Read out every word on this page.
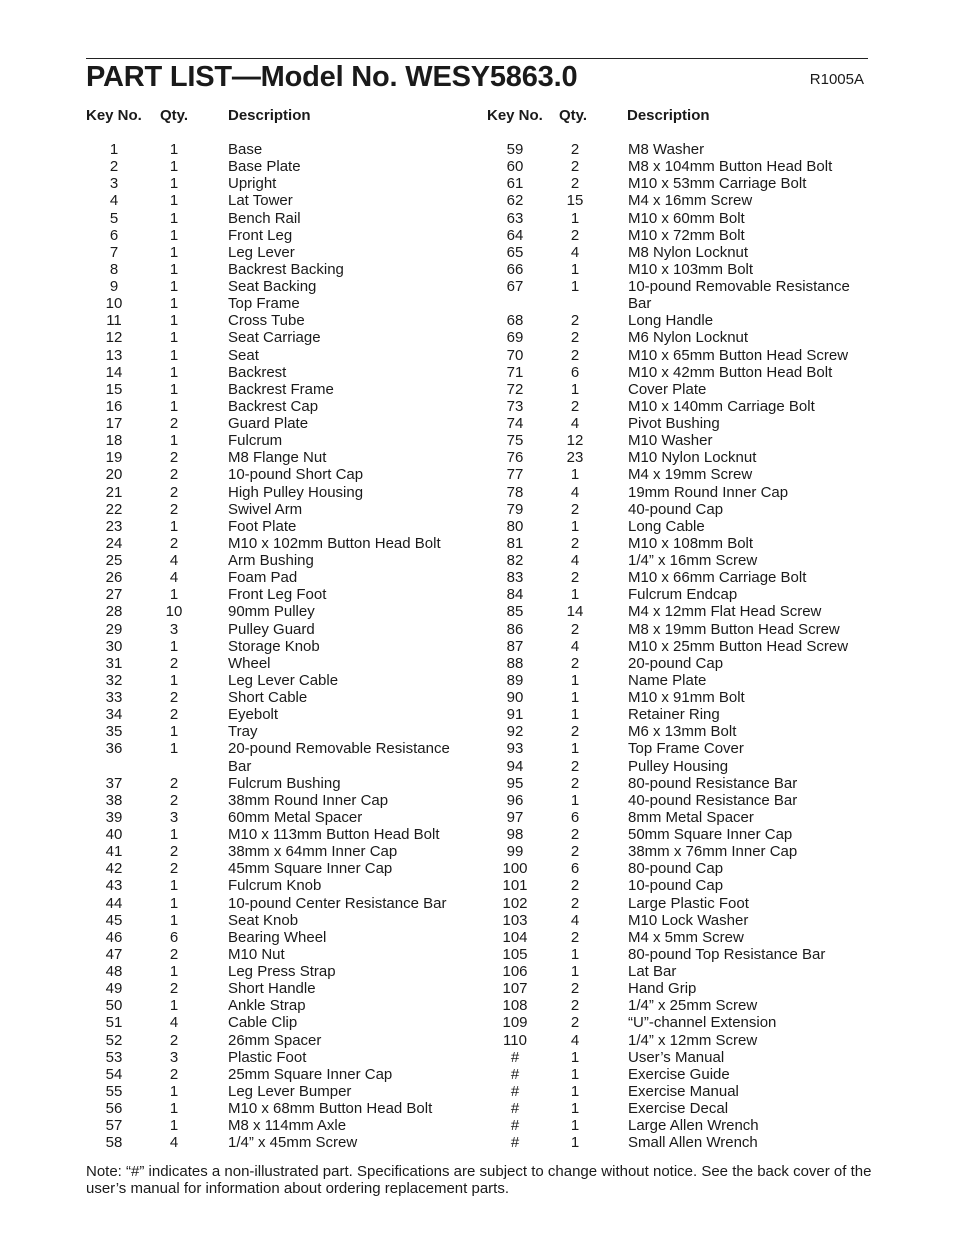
PART LIST—Model No. WESY5863.0	R1005A
Key No. Qty.	Description	Key No. Qty.	Description
1	1	Base
2	1	Base Plate
3	1	Upright
4	1	Lat Tower
5	1	Bench Rail
6	1	Front Leg
7	1	Leg Lever
8	1	Backrest Backing
9	1	Seat Backing
10	1	Top Frame
11	1	Cross Tube
12	1	Seat Carriage
13	1	Seat
14	1	Backrest
15	1	Backrest Frame
16	1	Backrest Cap
17	2	Guard Plate
18	1	Fulcrum
19	2	M8 Flange Nut
20	2	10-pound Short Cap
21	2	High Pulley Housing
22	2	Swivel Arm
23	1	Foot Plate
24	2	M10 x 102mm Button Head Bolt
25	4	Arm Bushing
26	4	Foam Pad
27	1	Front Leg Foot
28	10	90mm Pulley
29	3	Pulley Guard
30	1	Storage Knob
31	2	Wheel
32	1	Leg Lever Cable
33	2	Short Cable
34	2	Eyebolt
35	1	Tray
36	1	20-pound Removable Resistance
Bar
37	2	Fulcrum Bushing
38	2	38mm Round Inner Cap
39	3	60mm Metal Spacer
40	1	M10 x 113mm Button Head Bolt
41	2	38mm x 64mm Inner Cap
42	2	45mm Square Inner Cap
43	1	Fulcrum Knob
44	1	10-pound Center Resistance Bar
45	1	Seat Knob
46	6	Bearing Wheel
47	2	M10 Nut
48	1	Leg Press Strap
49	2	Short Handle
50	1	Ankle Strap
51	4	Cable Clip
52	2	26mm Spacer
53	3	Plastic Foot
54	2	25mm Square Inner Cap
55	1	Leg Lever Bumper
56	1	M10 x 68mm Button Head Bolt
57	1	M8 x 114mm Axle
58	4	1/4” x 45mm Screw
59	2	M8 Washer
60	2	M8 x 104mm Button Head Bolt
61	2	M10 x 53mm Carriage Bolt
62	15	M4 x 16mm Screw
63	1	M10 x 60mm Bolt
64	2	M10 x 72mm Bolt
65	4	M8 Nylon Locknut
66	1	M10 x 103mm Bolt
67	1	10-pound Removable Resistance
Bar
68	2	Long Handle
69	2	M6 Nylon Locknut
70	2	M10 x 65mm Button Head Screw
71	6	M10 x 42mm Button Head Bolt
72	1	Cover Plate
73	2	M10 x 140mm Carriage Bolt
74	4	Pivot Bushing
75	12	M10 Washer
76	23	M10 Nylon Locknut
77	1	M4 x 19mm Screw
78	4	19mm Round Inner Cap
79	2	40-pound Cap
80	1	Long Cable
81	2	M10 x 108mm Bolt
82	4	1/4” x 16mm Screw
83	2	M10 x 66mm Carriage Bolt
84	1	Fulcrum Endcap
85	14	M4 x 12mm Flat Head Screw
86	2	M8 x 19mm Button Head Screw
87	4	M10 x 25mm Button Head Screw
88	2	20-pound Cap
89	1	Name Plate
90	1	M10 x 91mm Bolt
91	1	Retainer Ring
92	2	M6 x 13mm Bolt
93	1	Top Frame Cover
94	2	Pulley Housing
95	2	80-pound Resistance Bar
96	1	40-pound Resistance Bar
97	6	8mm Metal Spacer
98	2	50mm Square Inner Cap
99	2	38mm x 76mm Inner Cap
100	6	80-pound Cap
101	2	10-pound Cap
102	2	Large Plastic Foot
103	4	M10 Lock Washer
104	2	M4 x 5mm Screw
105	1	80-pound Top Resistance Bar
106	1	Lat Bar
107	2	Hand Grip
108	2	1/4” x 25mm Screw
109	2	“U”-channel Extension
110	4	1/4” x 12mm Screw
#	1	User’s Manual
#	1	Exercise Guide
#	1	Exercise Manual
#	1	Exercise Decal
#	1	Large Allen Wrench
#	1	Small Allen Wrench
Note: “#” indicates a non-illustrated part. Specifications are subject to change without notice. See the back cover of the user’s manual for information about ordering replacement parts.
